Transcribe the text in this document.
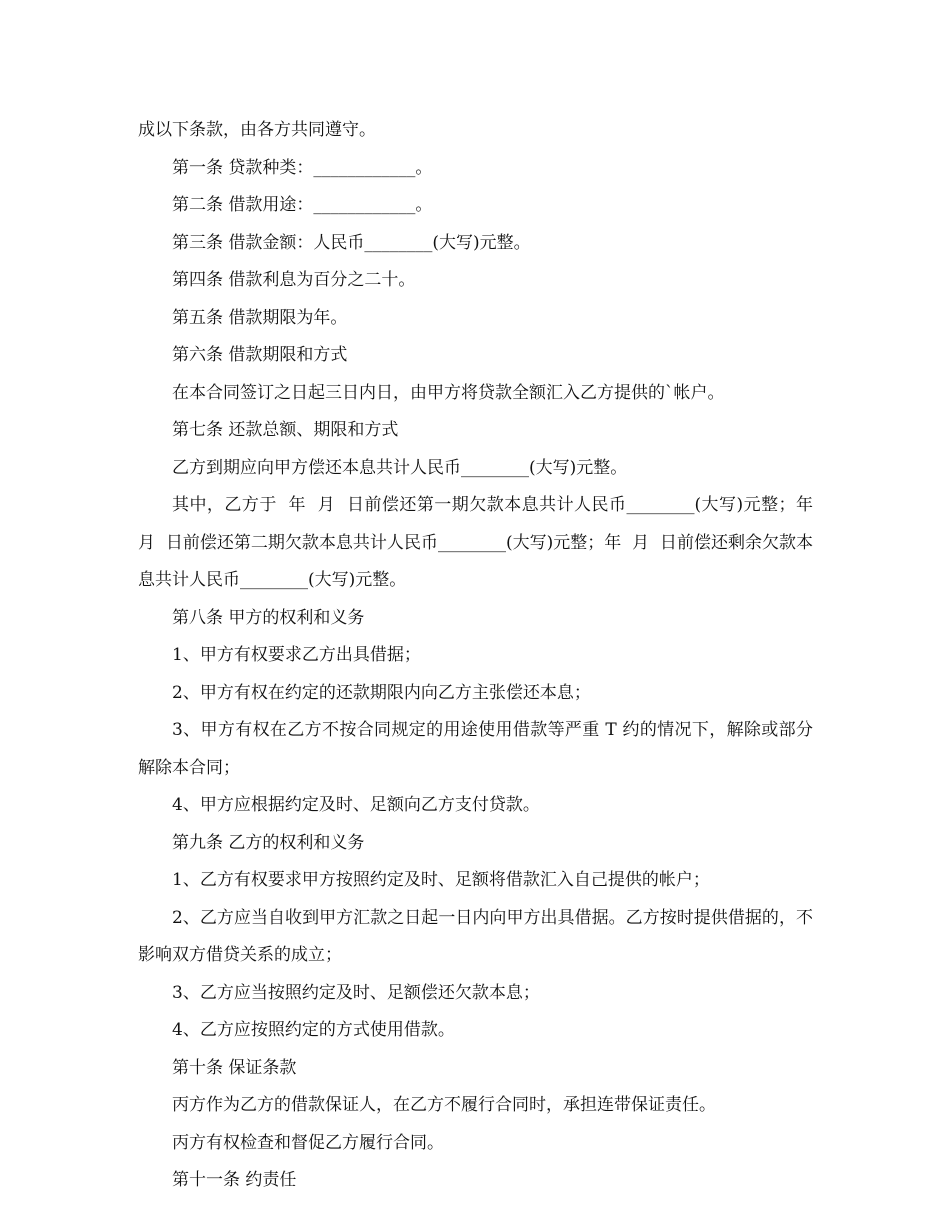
成以下条款，由各方共同遵守。

第一条 贷款种类：____________。

第二条 借款用途：____________。

第三条 借款金额：人民币________(大写)元整。

第四条 借款利息为百分之二十。

第五条 借款期限为年。

第六条 借款期限和方式

在本合同签订之日起三日内日，由甲方将贷款全额汇入乙方提供的`帐户。

第七条 还款总额、期限和方式

乙方到期应向甲方偿还本息共计人民币________(大写)元整。

其中，乙方于  年  月  日前偿还第一期欠款本息共计人民币________(大写)元整；年  月  日前偿还第二期欠款本息共计人民币________(大写)元整；年  月  日前偿还剩余欠款本息共计人民币________(大写)元整。

第八条 甲方的权利和义务

1、甲方有权要求乙方出具借据；

2、甲方有权在约定的还款期限内向乙方主张偿还本息；

3、甲方有权在乙方不按合同规定的用途使用借款等严重 T 约的情况下，解除或部分解除本合同；

4、甲方应根据约定及时、足额向乙方支付贷款。

第九条 乙方的权利和义务

1、乙方有权要求甲方按照约定及时、足额将借款汇入自己提供的帐户；

2、乙方应当自收到甲方汇款之日起一日内向甲方出具借据。乙方按时提供借据的，不影响双方借贷关系的成立；

3、乙方应当按照约定及时、足额偿还欠款本息；

4、乙方应按照约定的方式使用借款。

第十条 保证条款

丙方作为乙方的借款保证人，在乙方不履行合同时，承担连带保证责任。

丙方有权检查和督促乙方履行合同。

第十一条 约责任
